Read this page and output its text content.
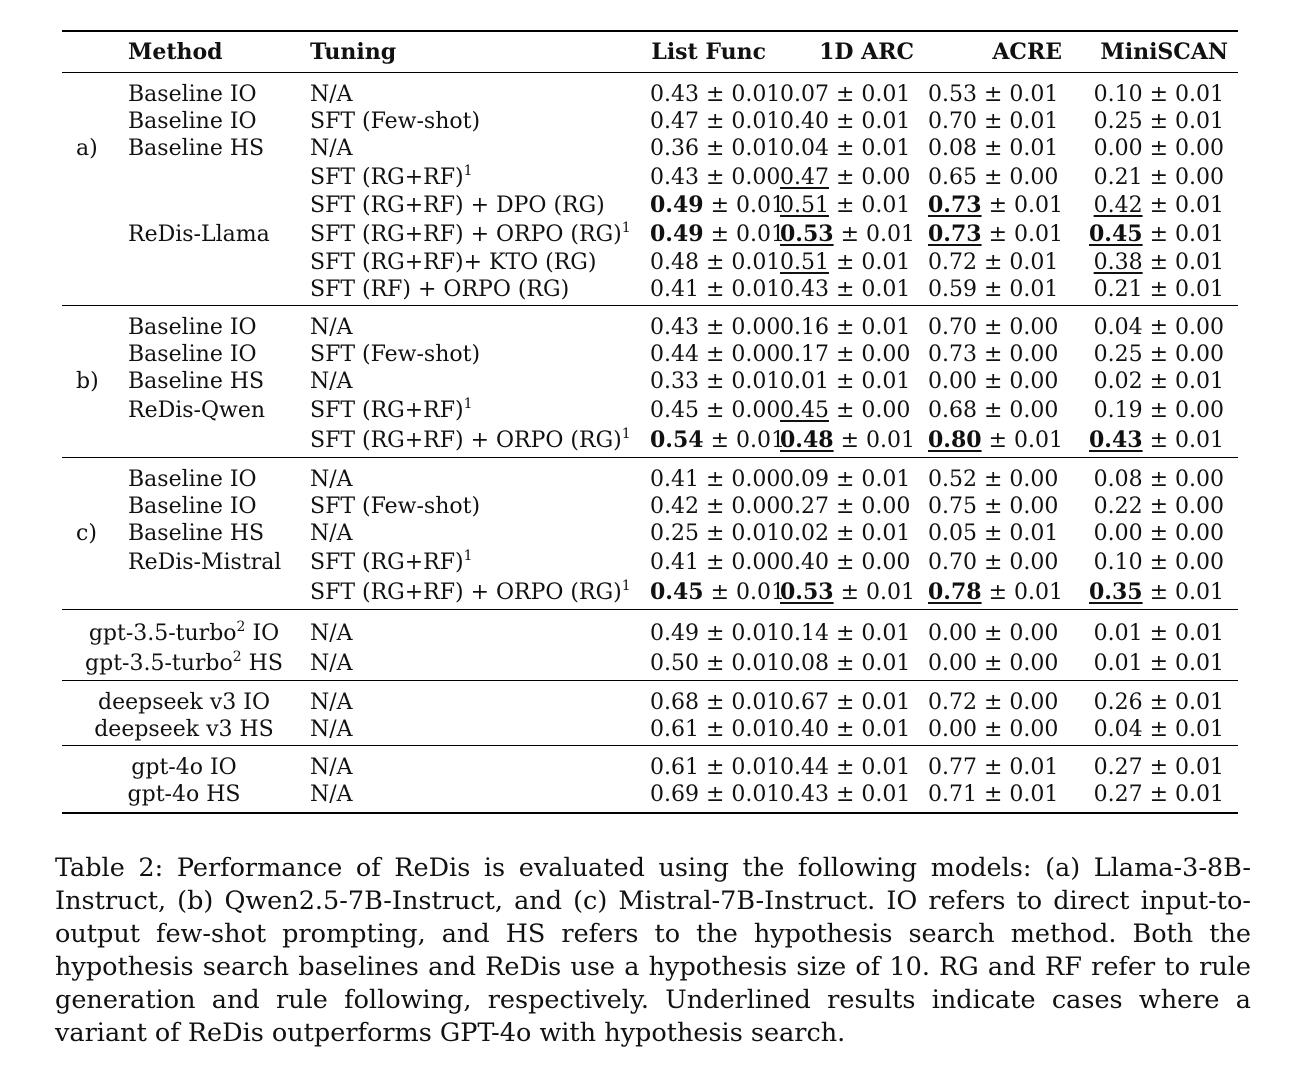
	Method	Tuning	List Func	1D ARC	ACRE	MiniSCAN
	Baseline IO	N/A	0.43 ± 0.01	0.07 ± 0.01	0.53 ± 0.01	0.10 ± 0.01
	Baseline IO	SFT (Few-shot)	0.47 ± 0.01	0.40 ± 0.01	0.70 ± 0.01	0.25 ± 0.01
a)	Baseline HS	N/A	0.36 ± 0.01	0.04 ± 0.01	0.08 ± 0.01	0.00 ± 0.00
		SFT $(RG+RF)^1$	0.43 ± 0.00	0.47 ± 0.00	0.65 ± 0.00	0.21 ± 0.00
		SFT (RG+RF) + DPO (RG)	0.49 ± 0.01	0.51 ± 0.01	0.73 ± 0.01	0.42 ± 0.01
	ReDis-Llama	SFT (RG+RF) + ORPO (RG)$^1$	0.49 ± 0.01	0.53 ± 0.01	0.73 ± 0.01	0.45 ± 0.01
		SFT (RG+RF)+ KTO (RG)	0.48 ± 0.01	0.51 ± 0.01	0.72 ± 0.01	0.38 ± 0.01
		SFT (RF) + ORPO (RG)	0.41 ± 0.01	0.43 ± 0.01	0.59 ± 0.01	0.21 ± 0.01
	Baseline IO	N/A	0.43 ± 0.00	0.16 ± 0.01	0.70 ± 0.00	0.04 ± 0.00
	Baseline IO	SFT (Few-shot)	0.44 ± 0.00	0.17 ± 0.00	0.73 ± 0.00	0.25 ± 0.00
b)	Baseline HS	N/A	0.33 ± 0.01	0.01 ± 0.01	0.00 ± 0.00	0.02 ± 0.01
	ReDis-Qwen	SFT $(RG+RF)^1$	0.45 ± 0.00	0.45 ± 0.00	0.68 ± 0.00	0.19 ± 0.00
		SFT (RG+RF) + ORPO (RG)$^1$	0.54 ± 0.01	0.48 ± 0.01	0.80 ± 0.01	0.43 ± 0.01
	Baseline IO	N/A	0.41 ± 0.00	0.09 ± 0.01	0.52 ± 0.00	0.08 ± 0.00
	Baseline IO	SFT (Few-shot)	0.42 ± 0.00	0.27 ± 0.00	0.75 ± 0.00	0.22 ± 0.00
c)	Baseline HS	N/A	0.25 ± 0.01	0.02 ± 0.01	0.05 ± 0.01	0.00 ± 0.00
	ReDis-Mistral	SFT $(RG+RF)^1$	0.41 ± 0.00	0.40 ± 0.00	0.70 ± 0.00	0.10 ± 0.00
		SFT (RG+RF) + ORPO (RG)$^1$	0.45 ± 0.01	0.53 ± 0.01	0.78 ± 0.01	0.35 ± 0.01
gpt-3.5-turbo$^2$ IO		N/A	0.49 ± 0.01	0.14 ± 0.01	0.00 ± 0.00	0.01 ± 0.01
gpt-3.5-turbo$^2$ HS		N/A	0.50 ± 0.01	0.08 ± 0.01	0.00 ± 0.00	0.01 ± 0.01
deepseek v3 IO		N/A	0.68 ± 0.01	0.67 ± 0.01	0.72 ± 0.00	0.26 ± 0.01
deepseek v3 HS		N/A	0.61 ± 0.01	0.40 ± 0.01	0.00 ± 0.00	0.04 ± 0.01
gpt-4o IO		N/A	0.61 ± 0.01	0.44 ± 0.01	0.77 ± 0.01	0.27 ± 0.01
gpt-4o HS		N/A	0.69 ± 0.01	0.43 ± 0.01	0.71 ± 0.01	0.27 ± 0.01
Table 2: Performance of ReDis is evaluated using the following models: (a) Llama-3-8B-Instruct, (b) Qwen2.5-7B-Instruct, and (c) Mistral-7B-Instruct. IO refers to direct input-to-output few-shot prompting, and HS refers to the hypothesis search method. Both the hypothesis search baselines and ReDis use a hypothesis size of 10. RG and RF refer to rule generation and rule following, respectively. Underlined results indicate cases where a variant of ReDis outperforms GPT-4o with hypothesis search.
